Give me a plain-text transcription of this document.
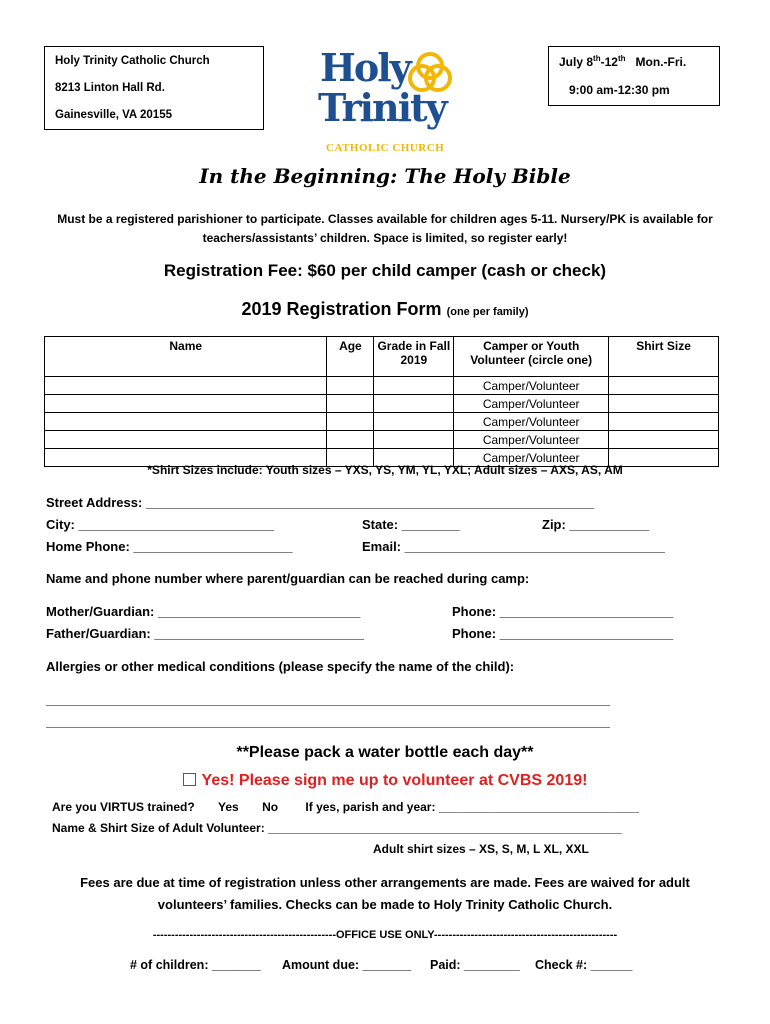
Holy Trinity Catholic Church
8213 Linton Hall Rd.
Gainesville, VA 20155
July 8th-12th Mon.-Fri.
9:00 am-12:30 pm
Holy
Trinity
CATHOLIC CHURCH
In the Beginning: The Holy Bible
Must be a registered parishioner to participate. Classes available for children ages 5-11. Nursery/PK is available for teachers/assistants’ children. Space is limited, so register early!
Registration Fee: $60 per child camper (cash or check)
2019 Registration Form (one per family)
Name	Age	Grade in Fall 2019	Camper or Youth Volunteer (circle one)	Shirt Size
			Camper/Volunteer	
			Camper/Volunteer	
			Camper/Volunteer	
			Camper/Volunteer	
			Camper/Volunteer	
*Shirt Sizes include: Youth sizes – YXS, YS, YM, YL, YXL; Adult sizes – AXS, AS, AM
Street Address: ______________________________________________________________
City: ___________________________	State: ________	Zip: ___________
Home Phone: ______________________	Email: ____________________________________
Name and phone number where parent/guardian can be reached during camp:
Mother/Guardian: ____________________________	Phone: ________________________
Father/Guardian: _____________________________	Phone: ________________________
Allergies or other medical conditions (please specify the name of the child):
______________________________________________________________________________
______________________________________________________________________________
**Please pack a water bottle each day**
Yes! Please sign me up to volunteer at CVBS 2019!
Are you VIRTUS trained? Yes No If yes, parish and year: ______________________________
Name & Shirt Size of Adult Volunteer: _____________________________________________________
Adult shirt sizes – XS, S, M, L XL, XXL
Fees are due at time of registration unless other arrangements are made. Fees are waived for adult volunteers’ families. Checks can be made to Holy Trinity Catholic Church.
--------------------------------------------------OFFICE USE ONLY--------------------------------------------------
# of children: _______ Amount due: _______ Paid: ________ Check #: ______
